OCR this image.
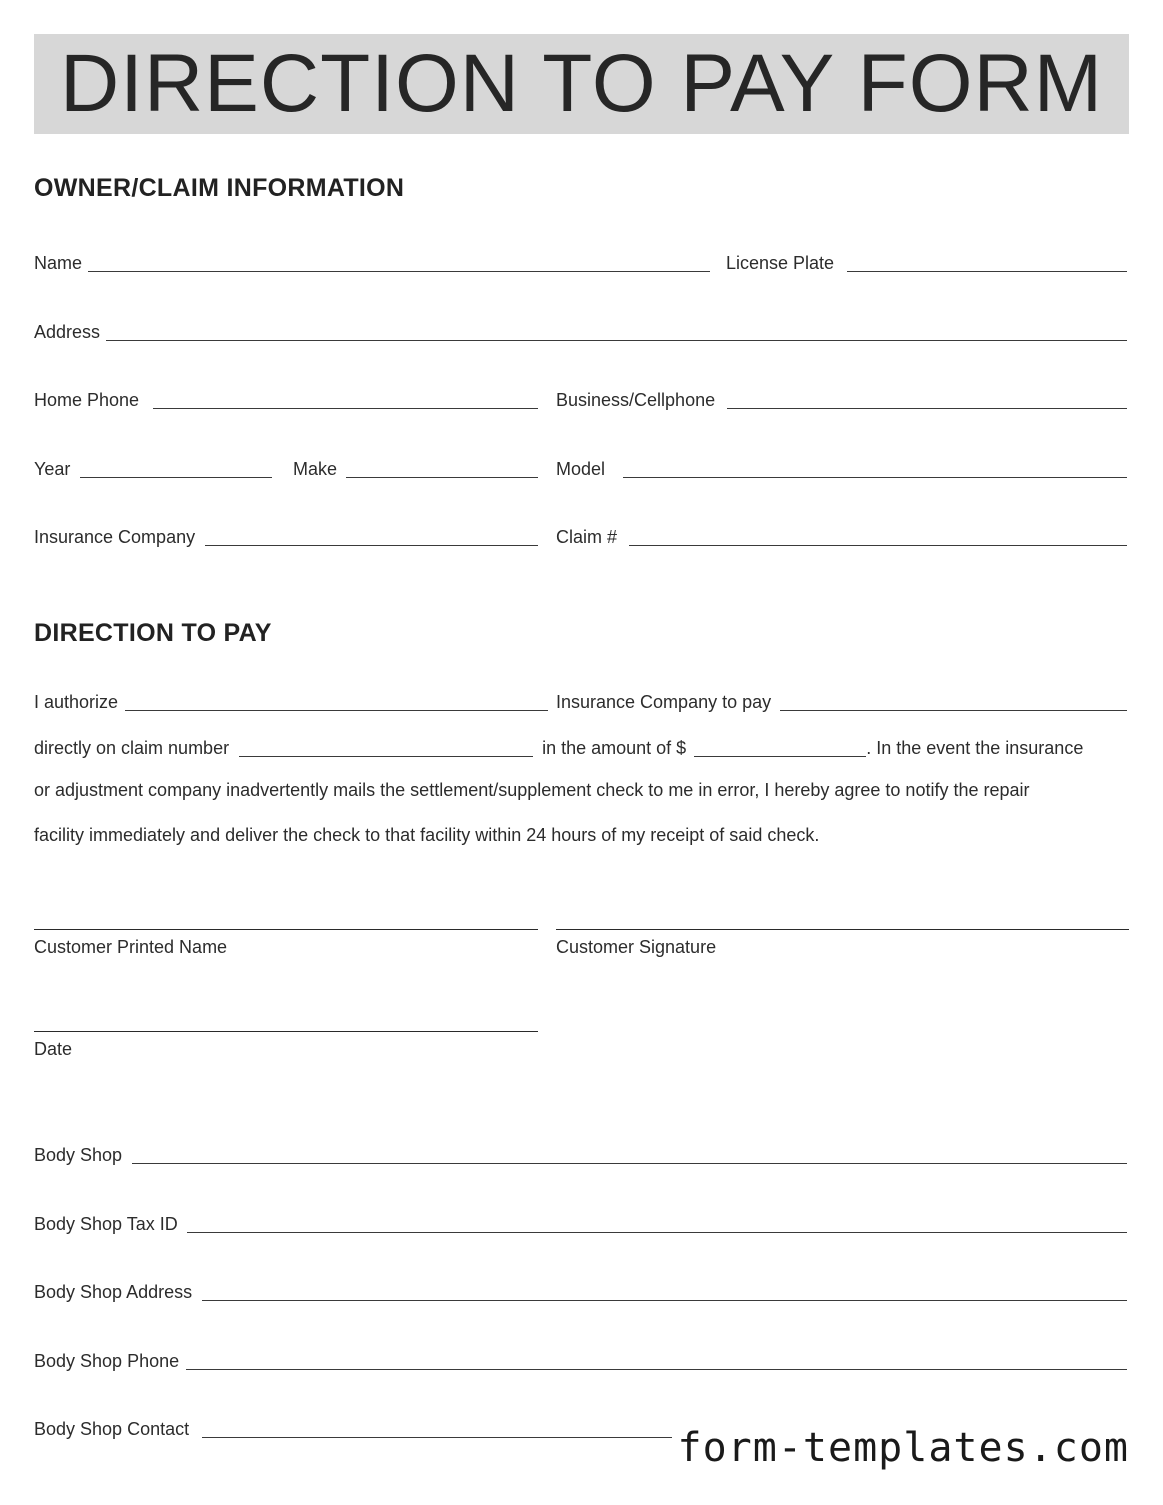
DIRECTION TO PAY FORM
OWNER/CLAIM INFORMATION
Name	License Plate
Address
Home Phone	Business/Cellphone
Year	Make	Model
Insurance Company	Claim #
DIRECTION TO PAY
I authorize	Insurance Company to pay
directly on claim number	in the amount of $	. In the event the insurance
or adjustment company inadvertently mails the settlement/supplement check to me in error, I hereby agree to notify the repair
facility immediately and deliver the check to that facility within 24 hours of my receipt of said check.
Customer Printed Name	Customer Signature
Date
Body Shop
Body Shop Tax ID
Body Shop Address
Body Shop Phone
Body Shop Contact	form-templates.com
